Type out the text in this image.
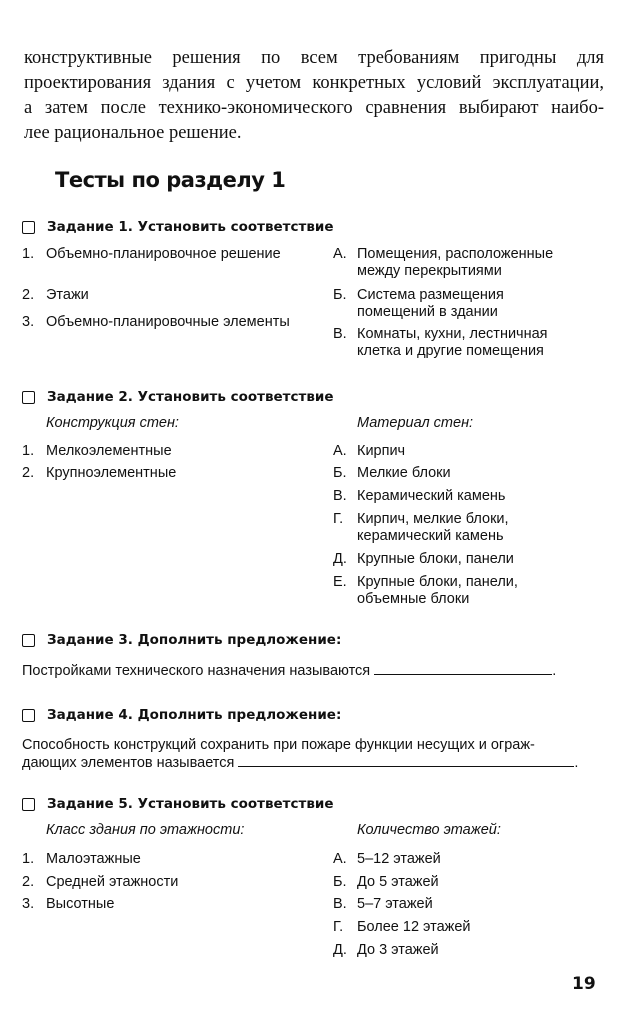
конструктивные решения по всем требованиям пригодны для
проектирования здания с учетом конкретных условий эксплуатации,
а затем после технико-экономического сравнения выбирают наибо-
лее рациональное решение.

Тесты по разделу 1
Задание 1. Установить соответствие
1. Объемно-планировочное решение
2. Этажи
3. Объемно-планировочные элементы
А. Помещения, расположенные между перекрытиями
Б. Система размещения помещений в здании
В. Комнаты, кухни, лестничная клетка и другие помещения
Задание 2. Установить соответствие
Конструкция стен:	Материал стен:
1. Мелкоэлементные
2. Крупноэлементные
А. Кирпич
Б. Мелкие блоки
В. Керамический камень
Г. Кирпич, мелкие блоки, керамический камень
Д. Крупные блоки, панели
Е. Крупные блоки, панели, объемные блоки
Задание 3. Дополнить предложение:
Постройками технического назначения называются	.
Задание 4. Дополнить предложение:
Способность конструкций сохранить при пожаре функции несущих и ограж-
дающих элементов называется	.
Задание 5. Установить соответствие
Класс здания по этажности:	Количество этажей:
1. Малоэтажные
2. Средней этажности
3. Высотные
А. 5–12 этажей
Б. До 5 этажей
В. 5–7 этажей
Г. Более 12 этажей
Д. До 3 этажей
19
